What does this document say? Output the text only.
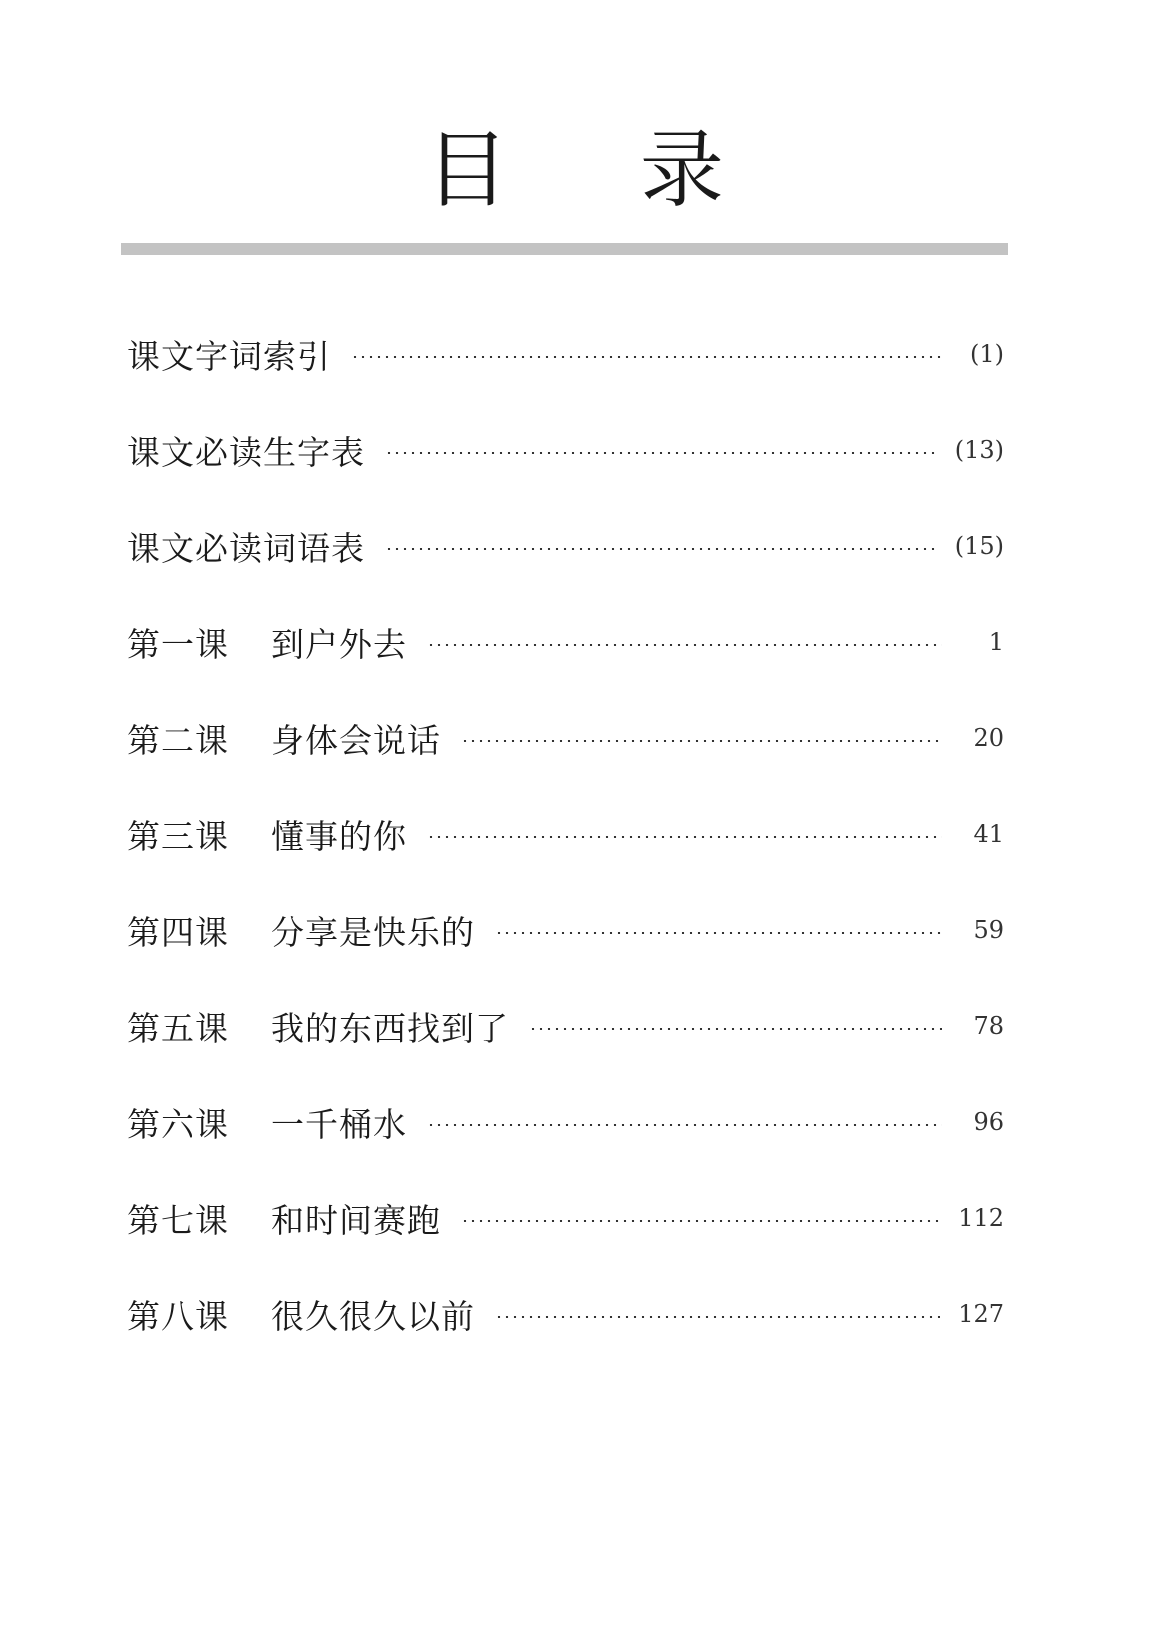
目 录
课文字词索引	(1)
课文必读生字表	(13)
课文必读词语表	(15)
第一课	到户外去	1
第二课	身体会说话	20
第三课	懂事的你	41
第四课	分享是快乐的	59
第五课	我的东西找到了	78
第六课	一千桶水	96
第七课	和时间赛跑	112
第八课	很久很久以前	127
